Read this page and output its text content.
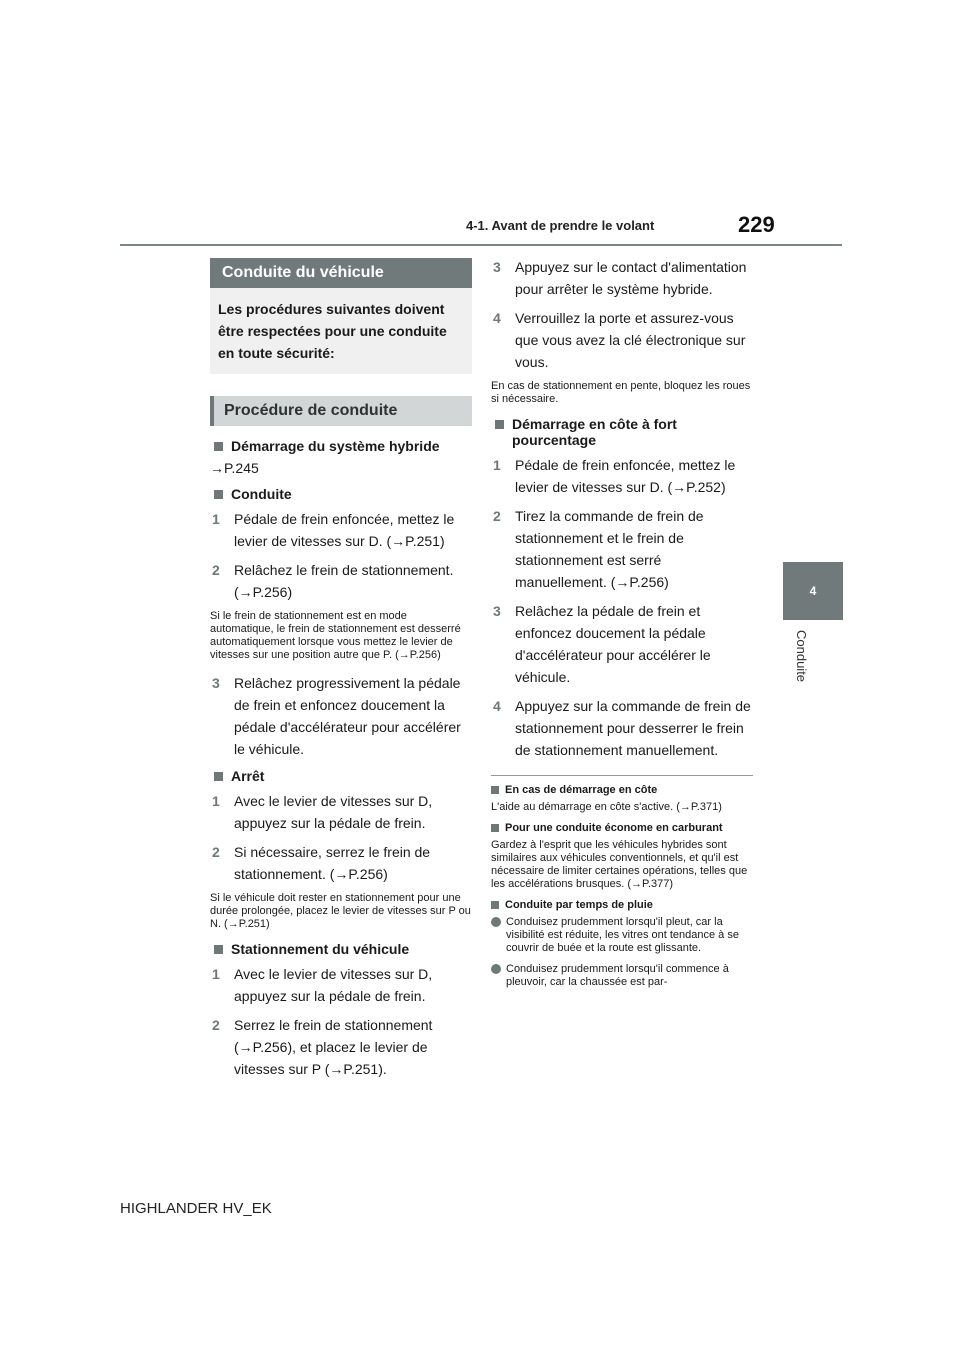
4-1. Avant de prendre le volant	229
4
Conduite
Conduite du véhicule
Les procédures suivantes doivent être respectées pour une conduite en toute sécurité:
Procédure de conduite
Démarrage du système hybride
→P.245
Conduite
1	Pédale de frein enfoncée, mettez le levier de vitesses sur D. (→P.251)
2	Relâchez le frein de stationnement. (→P.256)
Si le frein de stationnement est en mode automatique, le frein de stationnement est desserré automatiquement lorsque vous mettez le levier de vitesses sur une position autre que P. (→P.256)
3	Relâchez progressivement la pédale de frein et enfoncez doucement la pédale d'accélérateur pour accélérer le véhicule.
Arrêt
1	Avec le levier de vitesses sur D, appuyez sur la pédale de frein.
2	Si nécessaire, serrez le frein de stationnement. (→P.256)
Si le véhicule doit rester en stationnement pour une durée prolongée, placez le levier de vitesses sur P ou N. (→P.251)
Stationnement du véhicule
1	Avec le levier de vitesses sur D, appuyez sur la pédale de frein.
2	Serrez le frein de stationnement (→P.256), et placez le levier de vitesses sur P (→P.251).
3	Appuyez sur le contact d'alimentation pour arrêter le système hybride.
4	Verrouillez la porte et assurez-vous que vous avez la clé électronique sur vous.
En cas de stationnement en pente, bloquez les roues si nécessaire.
Démarrage en côte à fort pourcentage
1	Pédale de frein enfoncée, mettez le levier de vitesses sur D. (→P.252)
2	Tirez la commande de frein de stationnement et le frein de stationnement est serré manuellement. (→P.256)
3	Relâchez la pédale de frein et enfoncez doucement la pédale d'accélérateur pour accélérer le véhicule.
4	Appuyez sur la commande de frein de stationnement pour desserrer le frein de stationnement manuellement.
En cas de démarrage en côte
L'aide au démarrage en côte s'active. (→P.371)
Pour une conduite économe en carburant
Gardez à l'esprit que les véhicules hybrides sont similaires aux véhicules conventionnels, et qu'il est nécessaire de limiter certaines opérations, telles que les accélérations brusques. (→P.377)
Conduite par temps de pluie
Conduisez prudemment lorsqu'il pleut, car la visibilité est réduite, les vitres ont tendance à se couvrir de buée et la route est glissante.
Conduisez prudemment lorsqu'il commence à pleuvoir, car la chaussée est par-
HIGHLANDER HV_EK
